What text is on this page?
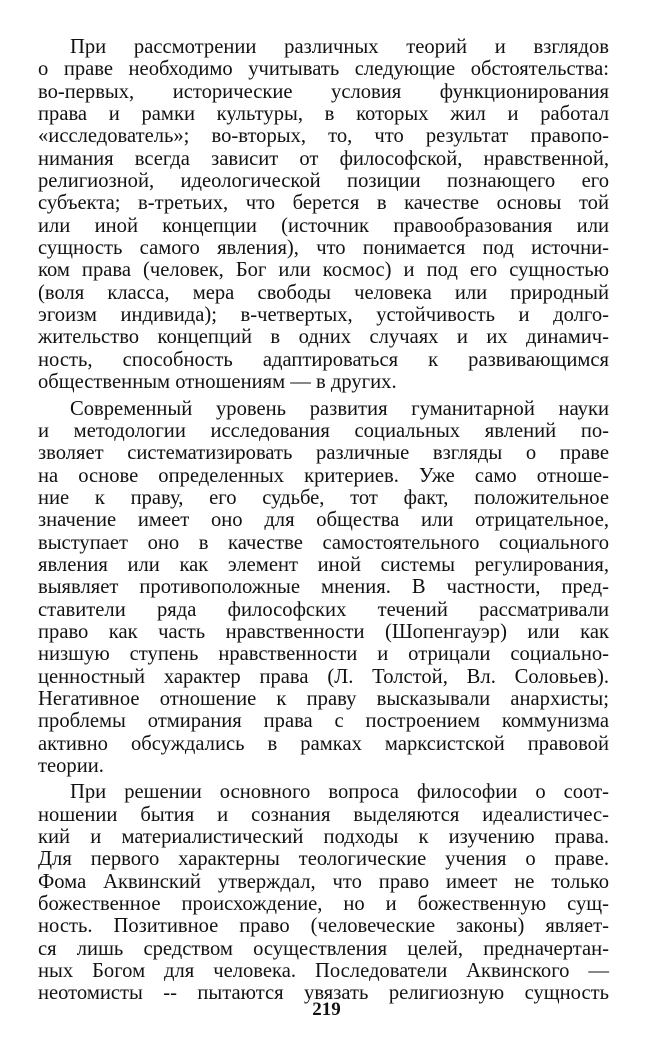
При рассмотрении различных теорий и взглядов
о праве необходимо учитывать следующие обстоятельства:
во-первых, исторические условия функционирования
права и рамки культуры, в которых жил и работал
«исследователь»; во-вторых, то, что результат правопо-
нимания всегда зависит от философской, нравственной,
религиозной, идеологической позиции познающего его
субъекта; в-третьих, что берется в качестве основы той
или иной концепции (источник правообразования или
сущность самого явления), что понимается под источни-
ком права (человек, Бог или космос) и под его сущностью
(воля класса, мера свободы человека или природный
эгоизм индивида); в-четвертых, устойчивость и долго-
жительство концепций в одних случаях и их динамич-
ность, способность адаптироваться к развивающимся
общественным отношениям — в других.
Современный уровень развития гуманитарной науки
и методологии исследования социальных явлений по-
зволяет систематизировать различные взгляды о праве
на основе определенных критериев. Уже само отноше-
ние к праву, его судьбе, тот факт, положительное
значение имеет оно для общества или отрицательное,
выступает оно в качестве самостоятельного социального
явления или как элемент иной системы регулирования,
выявляет противоположные мнения. В частности, пред-
ставители ряда философских течений рассматривали
право как часть нравственности (Шопенгауэр) или как
низшую ступень нравственности и отрицали социально-
ценностный характер права (Л. Толстой, Вл. Соловьев).
Негативное отношение к праву высказывали анархисты;
проблемы отмирания права с построением коммунизма
активно обсуждались в рамках марксистской правовой
теории.
При решении основного вопроса философии о соот-
ношении бытия и сознания выделяются идеалистичес-
кий и материалистический подходы к изучению права.
Для первого характерны теологические учения о праве.
Фома Аквинский утверждал, что право имеет не только
божественное происхождение, но и божественную сущ-
ность. Позитивное право (человеческие законы) являет-
ся лишь средством осуществления целей, предначертан-
ных Богом для человека. Последователи Аквинского —
неотомисты -- пытаются увязать религиозную сущность
219
